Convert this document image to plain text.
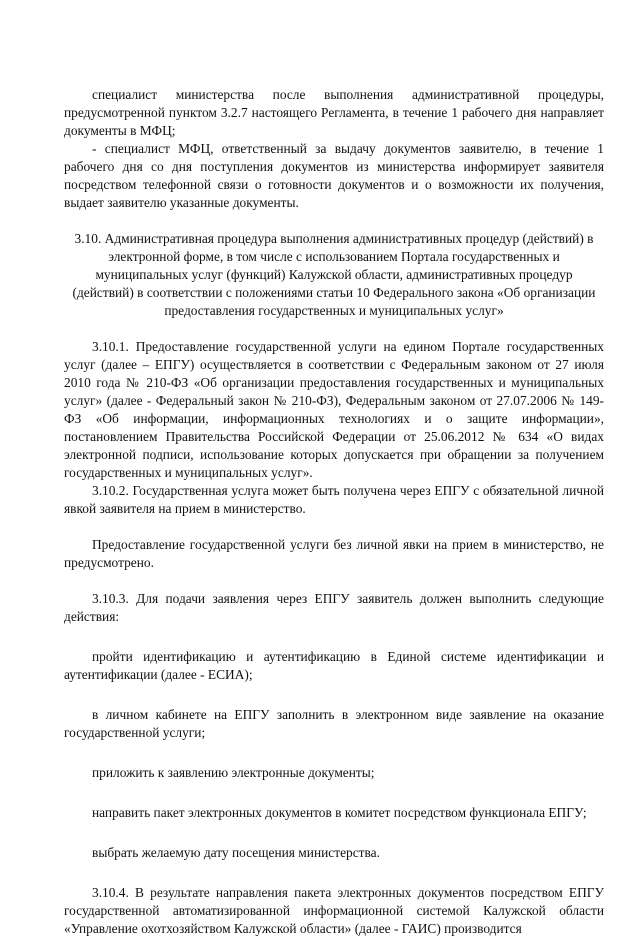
специалист министерства после выполнения административной процедуры, предусмотренной пунктом 3.2.7 настоящего Регламента, в течение 1 рабочего дня направляет документы в МФЦ;

- специалист МФЦ, ответственный за выдачу документов заявителю, в течение 1 рабочего дня со дня поступления документов из министерства информирует заявителя посредством телефонной связи о готовности документов и о возможности их получения, выдает заявителю указанные документы.

3.10. Административная процедура выполнения административных процедур (действий) в электронной форме, в том числе с использованием Портала государственных и муниципальных услуг (функций) Калужской области, административных процедур (действий) в соответствии с положениями статьи 10 Федерального закона «Об организации предоставления государственных и муниципальных услуг»

3.10.1. Предоставление государственной услуги на едином Портале государственных услуг (далее – ЕПГУ) осуществляется в соответствии с Федеральным законом от 27 июля 2010 года № 210-ФЗ «Об организации предоставления государственных и муниципальных услуг» (далее - Федеральный закон № 210-ФЗ), Федеральным законом от 27.07.2006 № 149-ФЗ «Об информации, информационных технологиях и о защите информации», постановлением Правительства Российской Федерации от 25.06.2012 № 634 «О видах электронной подписи, использование которых допускается при обращении за получением государственных и муниципальных услуг».

3.10.2. Государственная услуга может быть получена через ЕПГУ с обязательной личной явкой заявителя на прием в министерство.

Предоставление государственной услуги без личной явки на прием в министерство, не предусмотрено.

3.10.3. Для подачи заявления через ЕПГУ заявитель должен выполнить следующие действия:

пройти идентификацию и аутентификацию в Единой системе идентификации и аутентификации (далее - ЕСИА);

в личном кабинете на ЕПГУ заполнить в электронном виде заявление на оказание государственной услуги;

приложить к заявлению электронные документы;

направить пакет электронных документов в комитет посредством функционала ЕПГУ;

выбрать желаемую дату посещения министерства.

3.10.4. В результате направления пакета электронных документов посредством ЕПГУ государственной автоматизированной информационной системой Калужской области «Управление охотхозяйством Калужской области» (далее - ГАИС) производится
